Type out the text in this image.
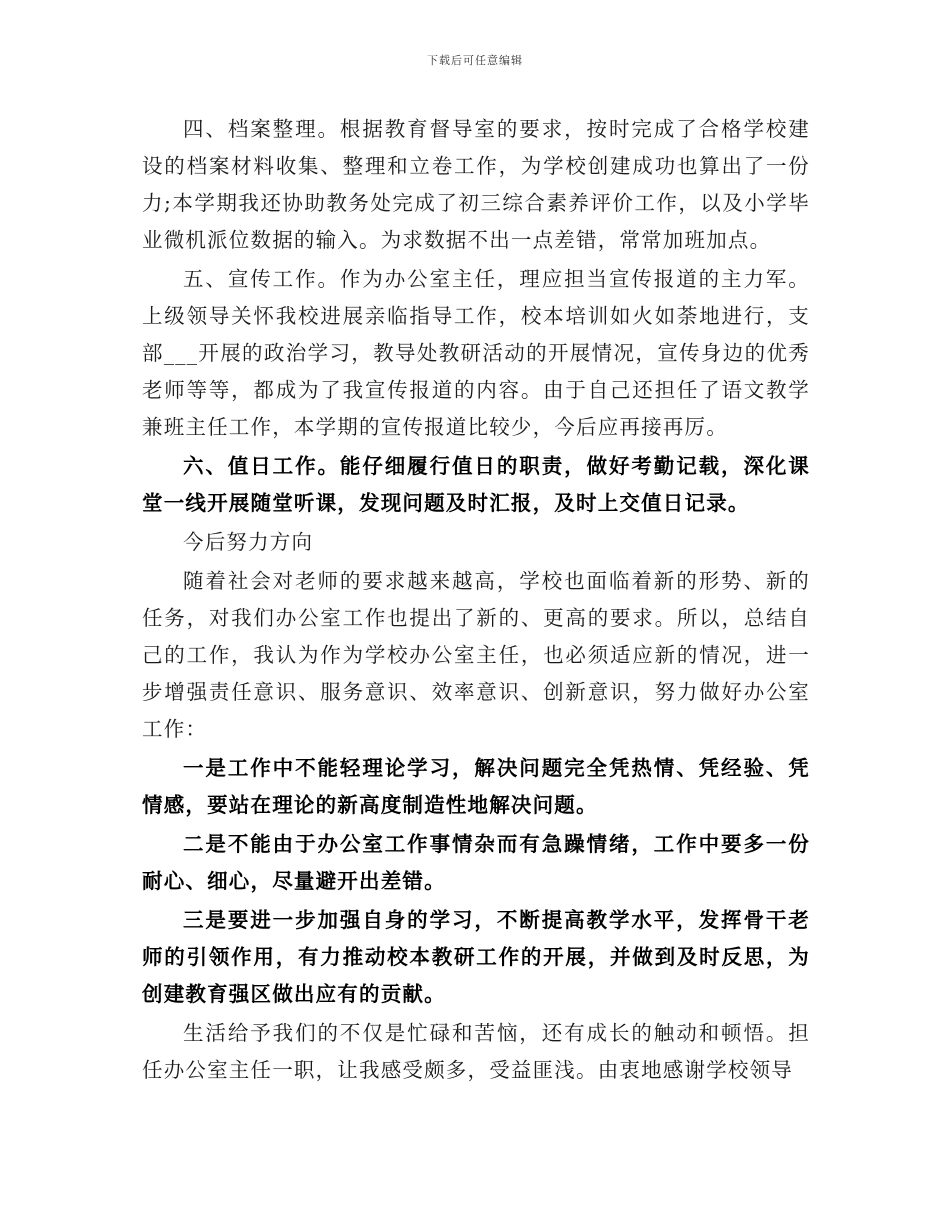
下载后可任意编辑

四、档案整理。根据教育督导室的要求，按时完成了合格学校建设的档案材料收集、整理和立卷工作，为学校创建成功也算出了一份力;本学期我还协助教务处完成了初三综合素养评价工作，以及小学毕业微机派位数据的输入。为求数据不出一点差错，常常加班加点。

五、宣传工作。作为办公室主任，理应担当宣传报道的主力军。上级领导关怀我校进展亲临指导工作，校本培训如火如荼地进行，支部___开展的政治学习，教导处教研活动的开展情况，宣传身边的优秀老师等等，都成为了我宣传报道的内容。由于自己还担任了语文教学兼班主任工作，本学期的宣传报道比较少，今后应再接再厉。

六、值日工作。能仔细履行值日的职责，做好考勤记载，深化课堂一线开展随堂听课，发现问题及时汇报，及时上交值日记录。

今后努力方向

随着社会对老师的要求越来越高，学校也面临着新的形势、新的任务，对我们办公室工作也提出了新的、更高的要求。所以，总结自己的工作，我认为作为学校办公室主任，也必须适应新的情况，进一步增强责任意识、服务意识、效率意识、创新意识，努力做好办公室工作：

一是工作中不能轻理论学习，解决问题完全凭热情、凭经验、凭情感，要站在理论的新高度制造性地解决问题。

二是不能由于办公室工作事情杂而有急躁情绪，工作中要多一份耐心、细心，尽量避开出差错。

三是要进一步加强自身的学习，不断提高教学水平，发挥骨干老师的引领作用，有力推动校本教研工作的开展，并做到及时反思，为创建教育强区做出应有的贡献。

生活给予我们的不仅是忙碌和苦恼，还有成长的触动和顿悟。担任办公室主任一职，让我感受颇多，受益匪浅。由衷地感谢学校领导
